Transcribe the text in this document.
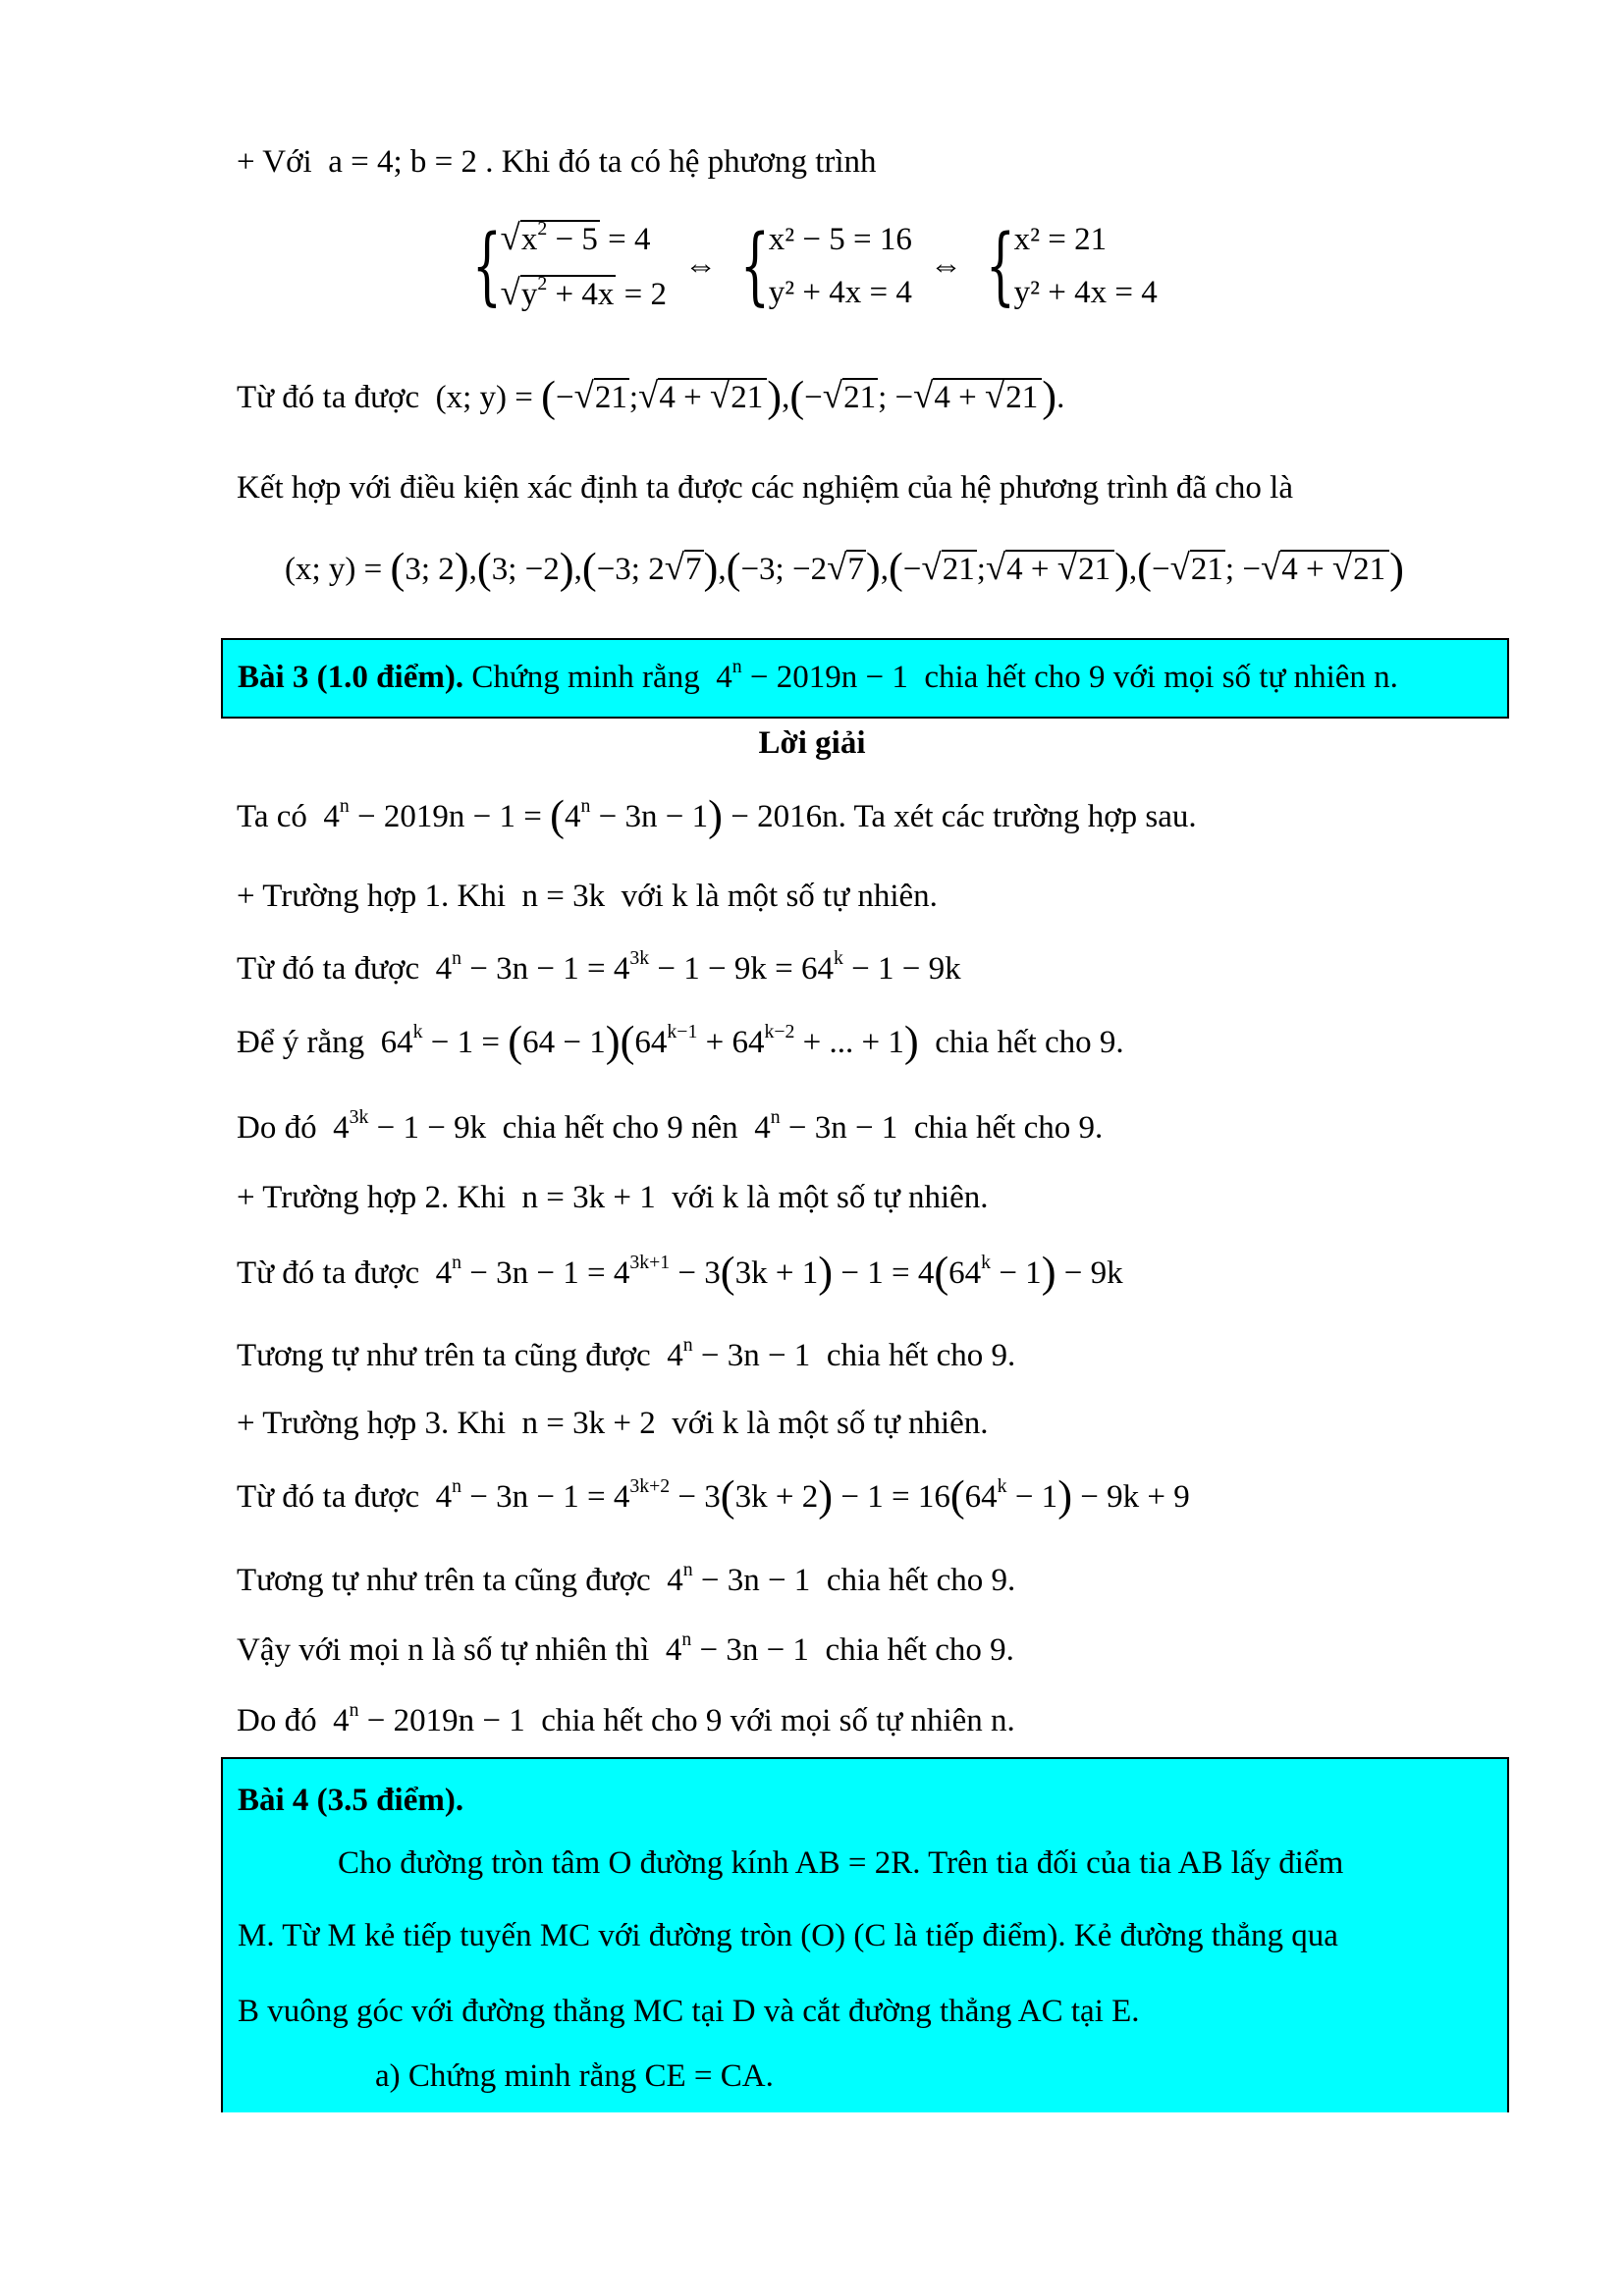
+ Với a = 4; b = 2 . Khi đó ta có hệ phương trình
{ $√x^2 - 5 = 4$
$√y^2 + 4x = 2$ ⇔ { x² − 5 = 16
y² + 4x = 4 ⇔ { x² = 21
y² + 4x = 4
Từ đó ta được (x; y) = (−√21;√4 + √21),(−√21; −√4 + √21).
Kết hợp với điều kiện xác định ta được các nghiệm của hệ phương trình đã cho là
(x; y) = (3; 2),(3; −2),(−3; 2√7),(−3; −2√7),(−√21;√4 + √21),(−√21; −√4 + √21)
Bài 3 (1.0 điểm). Chứng minh rằng  $4^n - 2019n - 1$ chia hết cho 9 với mọi số tự nhiên n.
Lời giải
Ta có  $4^n - 2019n - 1 = (4^n - 3n - 1) - 2016n$. Ta xét các trường hợp sau.
+ Trường hợp 1. Khi n = 3k với k là một số tự nhiên.
Từ đó ta được  $4^n - 3n - 1 = 4^{3k} - 1 - 9k = 64^k - 1 - 9k$
Để ý rằng  $64^k - 1 = (64 - 1)(64^{k-1} + 64^{k-2}$ + ... + 1) chia hết cho 9.
Do đó  $4^{3k} - 1 - 9k$  chia hết cho 9 nên  $4^n - 3n - 1$  chia hết cho 9.
+ Trường hợp 2. Khi n = 3k + 1 với k là một số tự nhiên.
Từ đó ta được  $4^n - 3n - 1 = 4^{3k+1} - 3(3k + 1) - 1 = 4(64^k - 1) - 9k$
Tương tự như trên ta cũng được  $4^n - 3n - 1$  chia hết cho 9.
+ Trường hợp 3. Khi n = 3k + 2 với k là một số tự nhiên.
Từ đó ta được  $4^n - 3n - 1 = 4^{3k+2} - 3(3k + 2) - 1 = 16(64^k - 1) - 9k + 9$
Tương tự như trên ta cũng được  $4^n - 3n - 1$  chia hết cho 9.
Vậy với mọi n là số tự nhiên thì  $4^n - 3n - 1$  chia hết cho 9.
Do đó  $4^n - 2019n - 1$  chia hết cho 9 với mọi số tự nhiên n.
Bài 4 (3.5 điểm).
Cho đường tròn tâm O đường kính AB = 2R. Trên tia đối của tia AB lấy điểm
M. Từ M kẻ tiếp tuyến MC với đường tròn (O) (C là tiếp điểm). Kẻ đường thẳng qua
B vuông góc với đường thẳng MC tại D và cắt đường thẳng AC tại E.
a) Chứng minh rằng CE = CA.
